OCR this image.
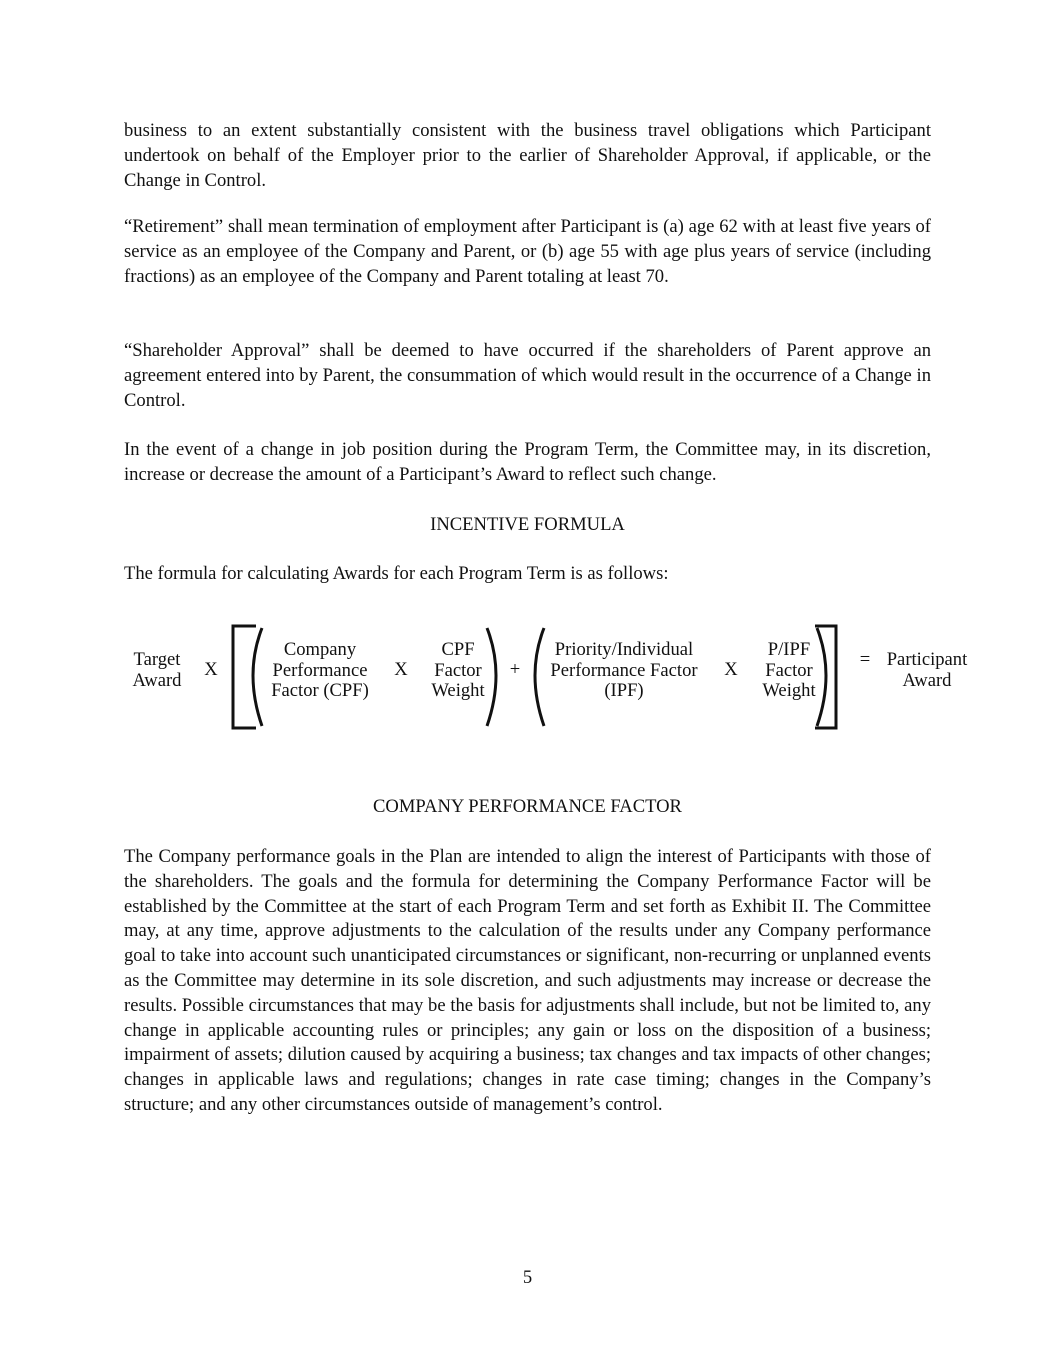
business to an extent substantially consistent with the business travel obligations which Participant undertook on behalf of the Employer prior to the earlier of Shareholder Approval, if applicable, or the Change in Control.

“Retirement” shall mean termination of employment after Participant is (a) age 62 with at least five years of service as an employee of the Company and Parent, or (b) age 55 with age plus years of service (including fractions) as an employee of the Company and Parent totaling at least 70.

“Shareholder Approval” shall be deemed to have occurred if the shareholders of Parent approve an agreement entered into by Parent, the consummation of which would result in the occurrence of a Change in Control.

In the event of a change in job position during the Program Term, the Committee may, in its discretion, increase or decrease the amount of a Participant’s Award to reflect such change.

INCENTIVE FORMULA

The formula for calculating Awards for each Program Term is as follows:

Target
Award	X
Company
Performance
Factor (CPF)
X
CPF
Factor
Weight
+
Priority/Individual
Performance Factor
(IPF)
X
P/IPF
Factor
Weight
= Participant
Award

COMPANY PERFORMANCE FACTOR

The Company performance goals in the Plan are intended to align the interest of Participants with those of the shareholders. The goals and the formula for determining the Company Performance Factor will be established by the Committee at the start of each Program Term and set forth as Exhibit II. The Committee may, at any time, approve adjustments to the calculation of the results under any Company performance goal to take into account such unanticipated circumstances or significant, non-recurring or unplanned events as the Committee may determine in its sole discretion, and such adjustments may increase or decrease the results. Possible circumstances that may be the basis for adjustments shall include, but not be limited to, any change in applicable accounting rules or principles; any gain or loss on the disposition of a business; impairment of assets; dilution caused by acquiring a business; tax changes and tax impacts of other changes; changes in applicable laws and regulations; changes in rate case timing; changes in the Company’s structure; and any other circumstances outside of management’s control.

5
